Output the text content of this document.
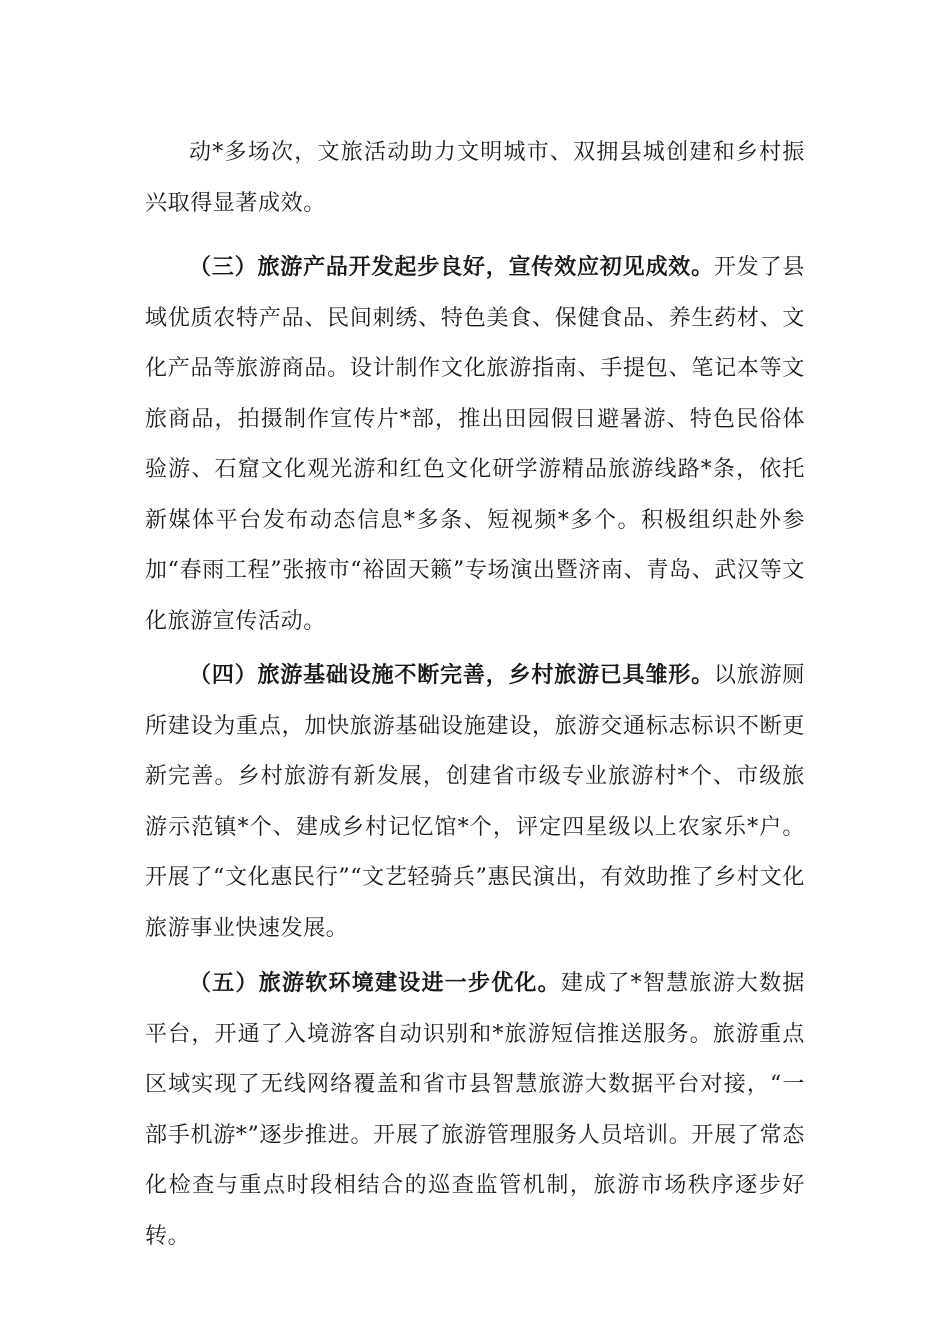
动*多场次，文旅活动助力文明城市、双拥县城创建和乡村振兴取得显著成效。

（三）旅游产品开发起步良好，宣传效应初见成效。开发了县域优质农特产品、民间刺绣、特色美食、保健食品、养生药材、文化产品等旅游商品。设计制作文化旅游指南、手提包、笔记本等文旅商品，拍摄制作宣传片*部，推出田园假日避暑游、特色民俗体验游、石窟文化观光游和红色文化研学游精品旅游线路*条，依托新媒体平台发布动态信息*多条、短视频*多个。积极组织赴外参加“春雨工程”张掖市“裕固天籁”专场演出暨济南、青岛、武汉等文化旅游宣传活动。

（四）旅游基础设施不断完善，乡村旅游已具雏形。以旅游厕所建设为重点，加快旅游基础设施建设，旅游交通标志标识不断更新完善。乡村旅游有新发展，创建省市级专业旅游村*个、市级旅游示范镇*个、建成乡村记忆馆*个，评定四星级以上农家乐*户。开展了“文化惠民行”“文艺轻骑兵”惠民演出，有效助推了乡村文化旅游事业快速发展。

（五）旅游软环境建设进一步优化。建成了*智慧旅游大数据平台，开通了入境游客自动识别和*旅游短信推送服务。旅游重点区域实现了无线网络覆盖和省市县智慧旅游大数据平台对接，“一部手机游*”逐步推进。开展了旅游管理服务人员培训。开展了常态化检查与重点时段相结合的巡查监管机制，旅游市场秩序逐步好转。
